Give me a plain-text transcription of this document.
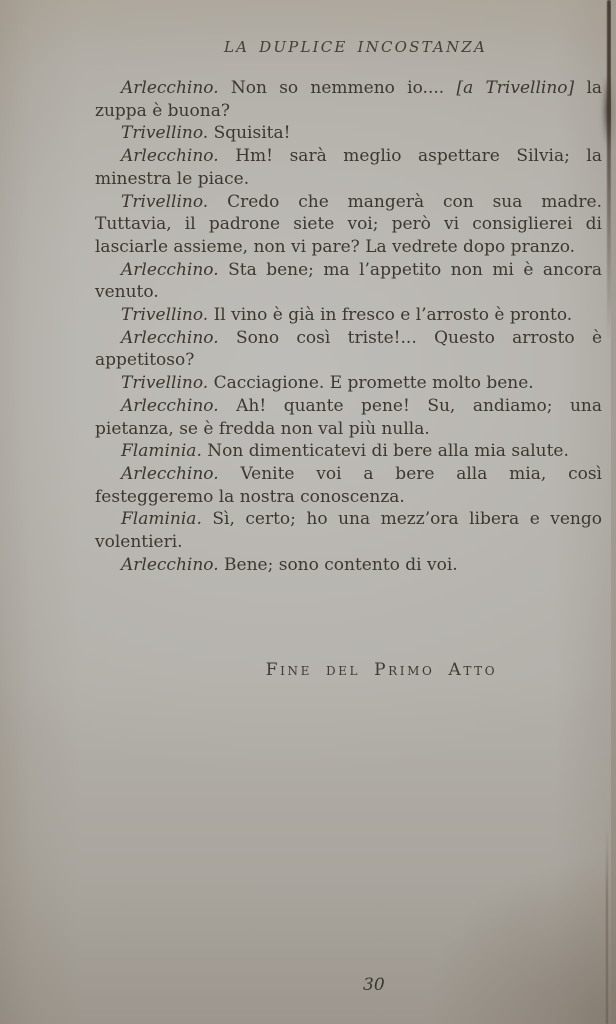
LA DUPLICE INCOSTANZA

Arlecchino. Non so nemmeno io.... [a Trivellino] la zuppa è buona?

Trivellino. Squisita!

Arlecchino. Hm! sarà meglio aspettare Silvia; la minestra le piace.

Trivellino. Credo che mangerà con sua madre. Tuttavia, il padrone siete voi; però vi consiglierei di lasciarle assieme, non vi pare? La vedrete dopo pranzo.

Arlecchino. Sta bene; ma l’appetito non mi è ancora venuto.

Trivellino. Il vino è già in fresco e l’arrosto è pronto.

Arlecchino. Sono così triste!... Questo arrosto è appetitoso?

Trivellino. Cacciagione. E promette molto bene.

Arlecchino. Ah! quante pene! Su, andiamo; una pietanza, se è fredda non val più nulla.

Flaminia. Non dimenticatevi di bere alla mia salute.

Arlecchino. Venite voi a bere alla mia, così festeggeremo la nostra conoscenza.

Flaminia. Sì, certo; ho una mezz’ora libera e vengo volentieri.

Arlecchino. Bene; sono contento di voi.

Fine del Primo Atto
30
